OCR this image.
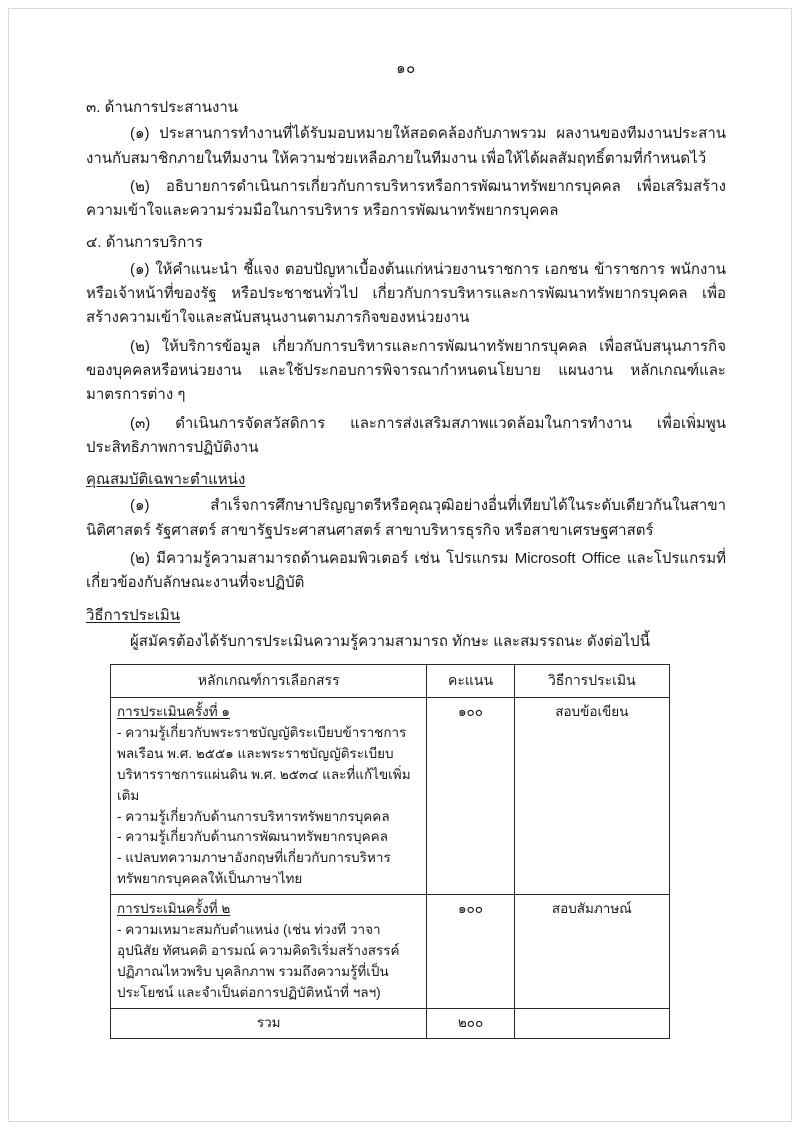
๑๐

๓. ด้านการประสานงาน

(๑) ประสานการทำงานที่ได้รับมอบหมายให้สอดคล้องกับภาพรวม ผลงานของทีมงานประสานงานกับสมาชิกภายในทีมงาน ให้ความช่วยเหลือภายในทีมงาน เพื่อให้ได้ผลสัมฤทธิ์ตามที่กำหนดไว้

(๒) อธิบายการดำเนินการเกี่ยวกับการบริหารหรือการพัฒนาทรัพยากรบุคคล เพื่อเสริมสร้างความเข้าใจและความร่วมมือในการบริหาร หรือการพัฒนาทรัพยากรบุคคล

๔. ด้านการบริการ

(๑) ให้คำแนะนำ ชี้แจง ตอบปัญหาเบื้องต้นแก่หน่วยงานราชการ เอกชน ข้าราชการ พนักงานหรือเจ้าหน้าที่ของรัฐ หรือประชาชนทั่วไป เกี่ยวกับการบริหารและการพัฒนาทรัพยากรบุคคล เพื่อสร้างความเข้าใจและสนับสนุนงานตามภารกิจของหน่วยงาน

(๒) ให้บริการข้อมูล เกี่ยวกับการบริหารและการพัฒนาทรัพยากรบุคคล เพื่อสนับสนุนภารกิจของบุคคลหรือหน่วยงาน และใช้ประกอบการพิจารณากำหนดนโยบาย แผนงาน หลักเกณฑ์และมาตรการต่าง ๆ

(๓) ดำเนินการจัดสวัสดิการ และการส่งเสริมสภาพแวดล้อมในการทำงาน เพื่อเพิ่มพูนประสิทธิภาพการปฏิบัติงาน

คุณสมบัติเฉพาะตำแหน่ง

(๑) สำเร็จการศึกษาปริญญาตรีหรือคุณวุฒิอย่างอื่นที่เทียบได้ในระดับเดียวกันในสาขานิติศาสตร์ รัฐศาสตร์ สาขารัฐประศาสนศาสตร์ สาขาบริหารธุรกิจ หรือสาขาเศรษฐศาสตร์

(๒) มีความรู้ความสามารถด้านคอมพิวเตอร์ เช่น โปรแกรม Microsoft Office และโปรแกรมที่เกี่ยวข้องกับลักษณะงานที่จะปฏิบัติ

วิธีการประเมิน

ผู้สมัครต้องได้รับการประเมินความรู้ความสามารถ ทักษะ และสมรรถนะ ดังต่อไปนี้

หลักเกณฑ์การเลือกสรร	คะแนน	วิธีการประเมิน

การประเมินครั้งที่ ๑
- ความรู้เกี่ยวกับพระราชบัญญัติระเบียบข้าราชการพลเรือน พ.ศ. ๒๕๕๑ และพระราชบัญญัติระเบียบบริหารราชการแผ่นดิน พ.ศ. ๒๕๓๔ และที่แก้ไขเพิ่มเติม
- ความรู้เกี่ยวกับด้านการบริหารทรัพยากรบุคคล
- ความรู้เกี่ยวกับด้านการพัฒนาทรัพยากรบุคคล
- แปลบทความภาษาอังกฤษที่เกี่ยวกับการบริหารทรัพยากรบุคคลให้เป็นภาษาไทย	๑๐๐	สอบข้อเขียน

การประเมินครั้งที่ ๒
- ความเหมาะสมกับตำแหน่ง (เช่น ท่วงที วาจา อุปนิสัย ทัศนคติ อารมณ์ ความคิดริเริ่มสร้างสรรค์ ปฏิภาณไหวพริบ บุคลิกภาพ รวมถึงความรู้ที่เป็นประโยชน์ และจำเป็นต่อการปฏิบัติหน้าที่ ฯลฯ)	๑๐๐	สอบสัมภาษณ์
รวม	๒๐๐	
